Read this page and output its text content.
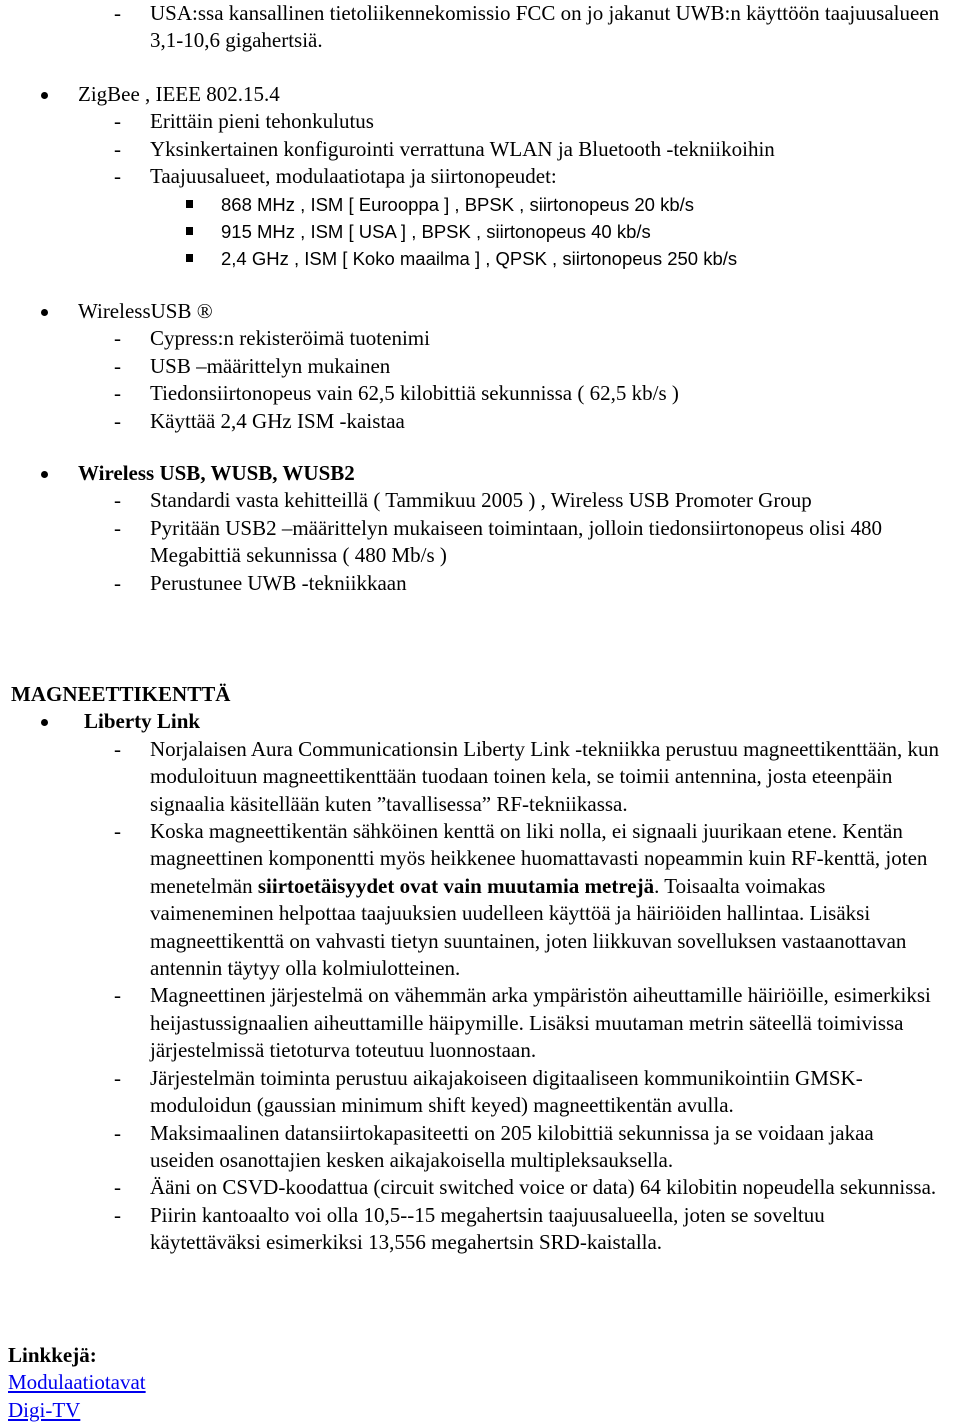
- USA:ssa kansallinen tietoliikennekomissio FCC on jo jakanut UWB:n käyttöön taajuusalueen 3,1-10,6 gigahertsiä.
ZigBee , IEEE 802.15.4
- Erittäin pieni tehonkulutus
- Yksinkertainen konfigurointi verrattuna WLAN ja Bluetooth -tekniikoihin
- Taajuusalueet, modulaatiotapa ja siirtonopeudet:
868 MHz , ISM [ Eurooppa ] , BPSK , siirtonopeus 20 kb/s
915 MHz , ISM [ USA ] , BPSK , siirtonopeus 40 kb/s
2,4 GHz , ISM [ Koko maailma ] , QPSK , siirtonopeus 250 kb/s
WirelessUSB ®
- Cypress:n rekisteröimä tuotenimi
- USB –määrittelyn mukainen
- Tiedonsiirtonopeus vain 62,5 kilobittiä sekunnissa ( 62,5 kb/s )
- Käyttää 2,4 GHz ISM -kaistaa
Wireless USB, WUSB, WUSB2
- Standardi vasta kehitteillä ( Tammikuu 2005 ) , Wireless USB Promoter Group
- Pyritään USB2 –määrittelyn mukaiseen toimintaan, jolloin tiedonsiirtonopeus olisi 480 Megabittiä sekunnissa ( 480 Mb/s )
- Perustunee UWB -tekniikkaan
MAGNEETTIKENTTÄ
Liberty Link
- Norjalaisen Aura Communicationsin Liberty Link -tekniikka perustuu magneettikenttään, kun moduloituun magneettikenttään tuodaan toinen kela, se toimii antennina, josta eteenpäin signaalia käsitellään kuten ”tavallisessa” RF-tekniikassa.
- Koska magneettikentän sähköinen kenttä on liki nolla, ei signaali juurikaan etene. Kentän magneettinen komponentti myös heikkenee huomattavasti nopeammin kuin RF-kenttä, joten menetelmän siirtoetäisyydet ovat vain muutamia metrejä. Toisaalta voimakas vaimeneminen helpottaa taajuuksien uudelleen käyttöä ja häiriöiden hallintaa. Lisäksi magneettikenttä on vahvasti tietyn suuntainen, joten liikkuvan sovelluksen vastaanottavan antennin täytyy olla kolmiulotteinen.
- Magneettinen järjestelmä on vähemmän arka ympäristön aiheuttamille häiriöille, esimerkiksi heijastussignaalien aiheuttamille häipymille. Lisäksi muutaman metrin säteellä toimivissa järjestelmissä tietoturva toteutuu luonnostaan.
- Järjestelmän toiminta perustuu aikajakoiseen digitaaliseen kommunikointiin GMSK-moduloidun (gaussian minimum shift keyed) magneettikentän avulla.
- Maksimaalinen datansiirtokapasiteetti on 205 kilobittiä sekunnissa ja se voidaan jakaa useiden osanottajien kesken aikajakoisella multipleksauksella.
- Ääni on CSVD-koodattua (circuit switched voice or data) 64 kilobitin nopeudella sekunnissa.
- Piirin kantoaalto voi olla 10,5--15 megahertsin taajuusalueella, joten se soveltuu käytettäväksi esimerkiksi 13,556 megahertsin SRD-kaistalla.
Linkkejä:
Modulaatiotavat
Digi-TV
